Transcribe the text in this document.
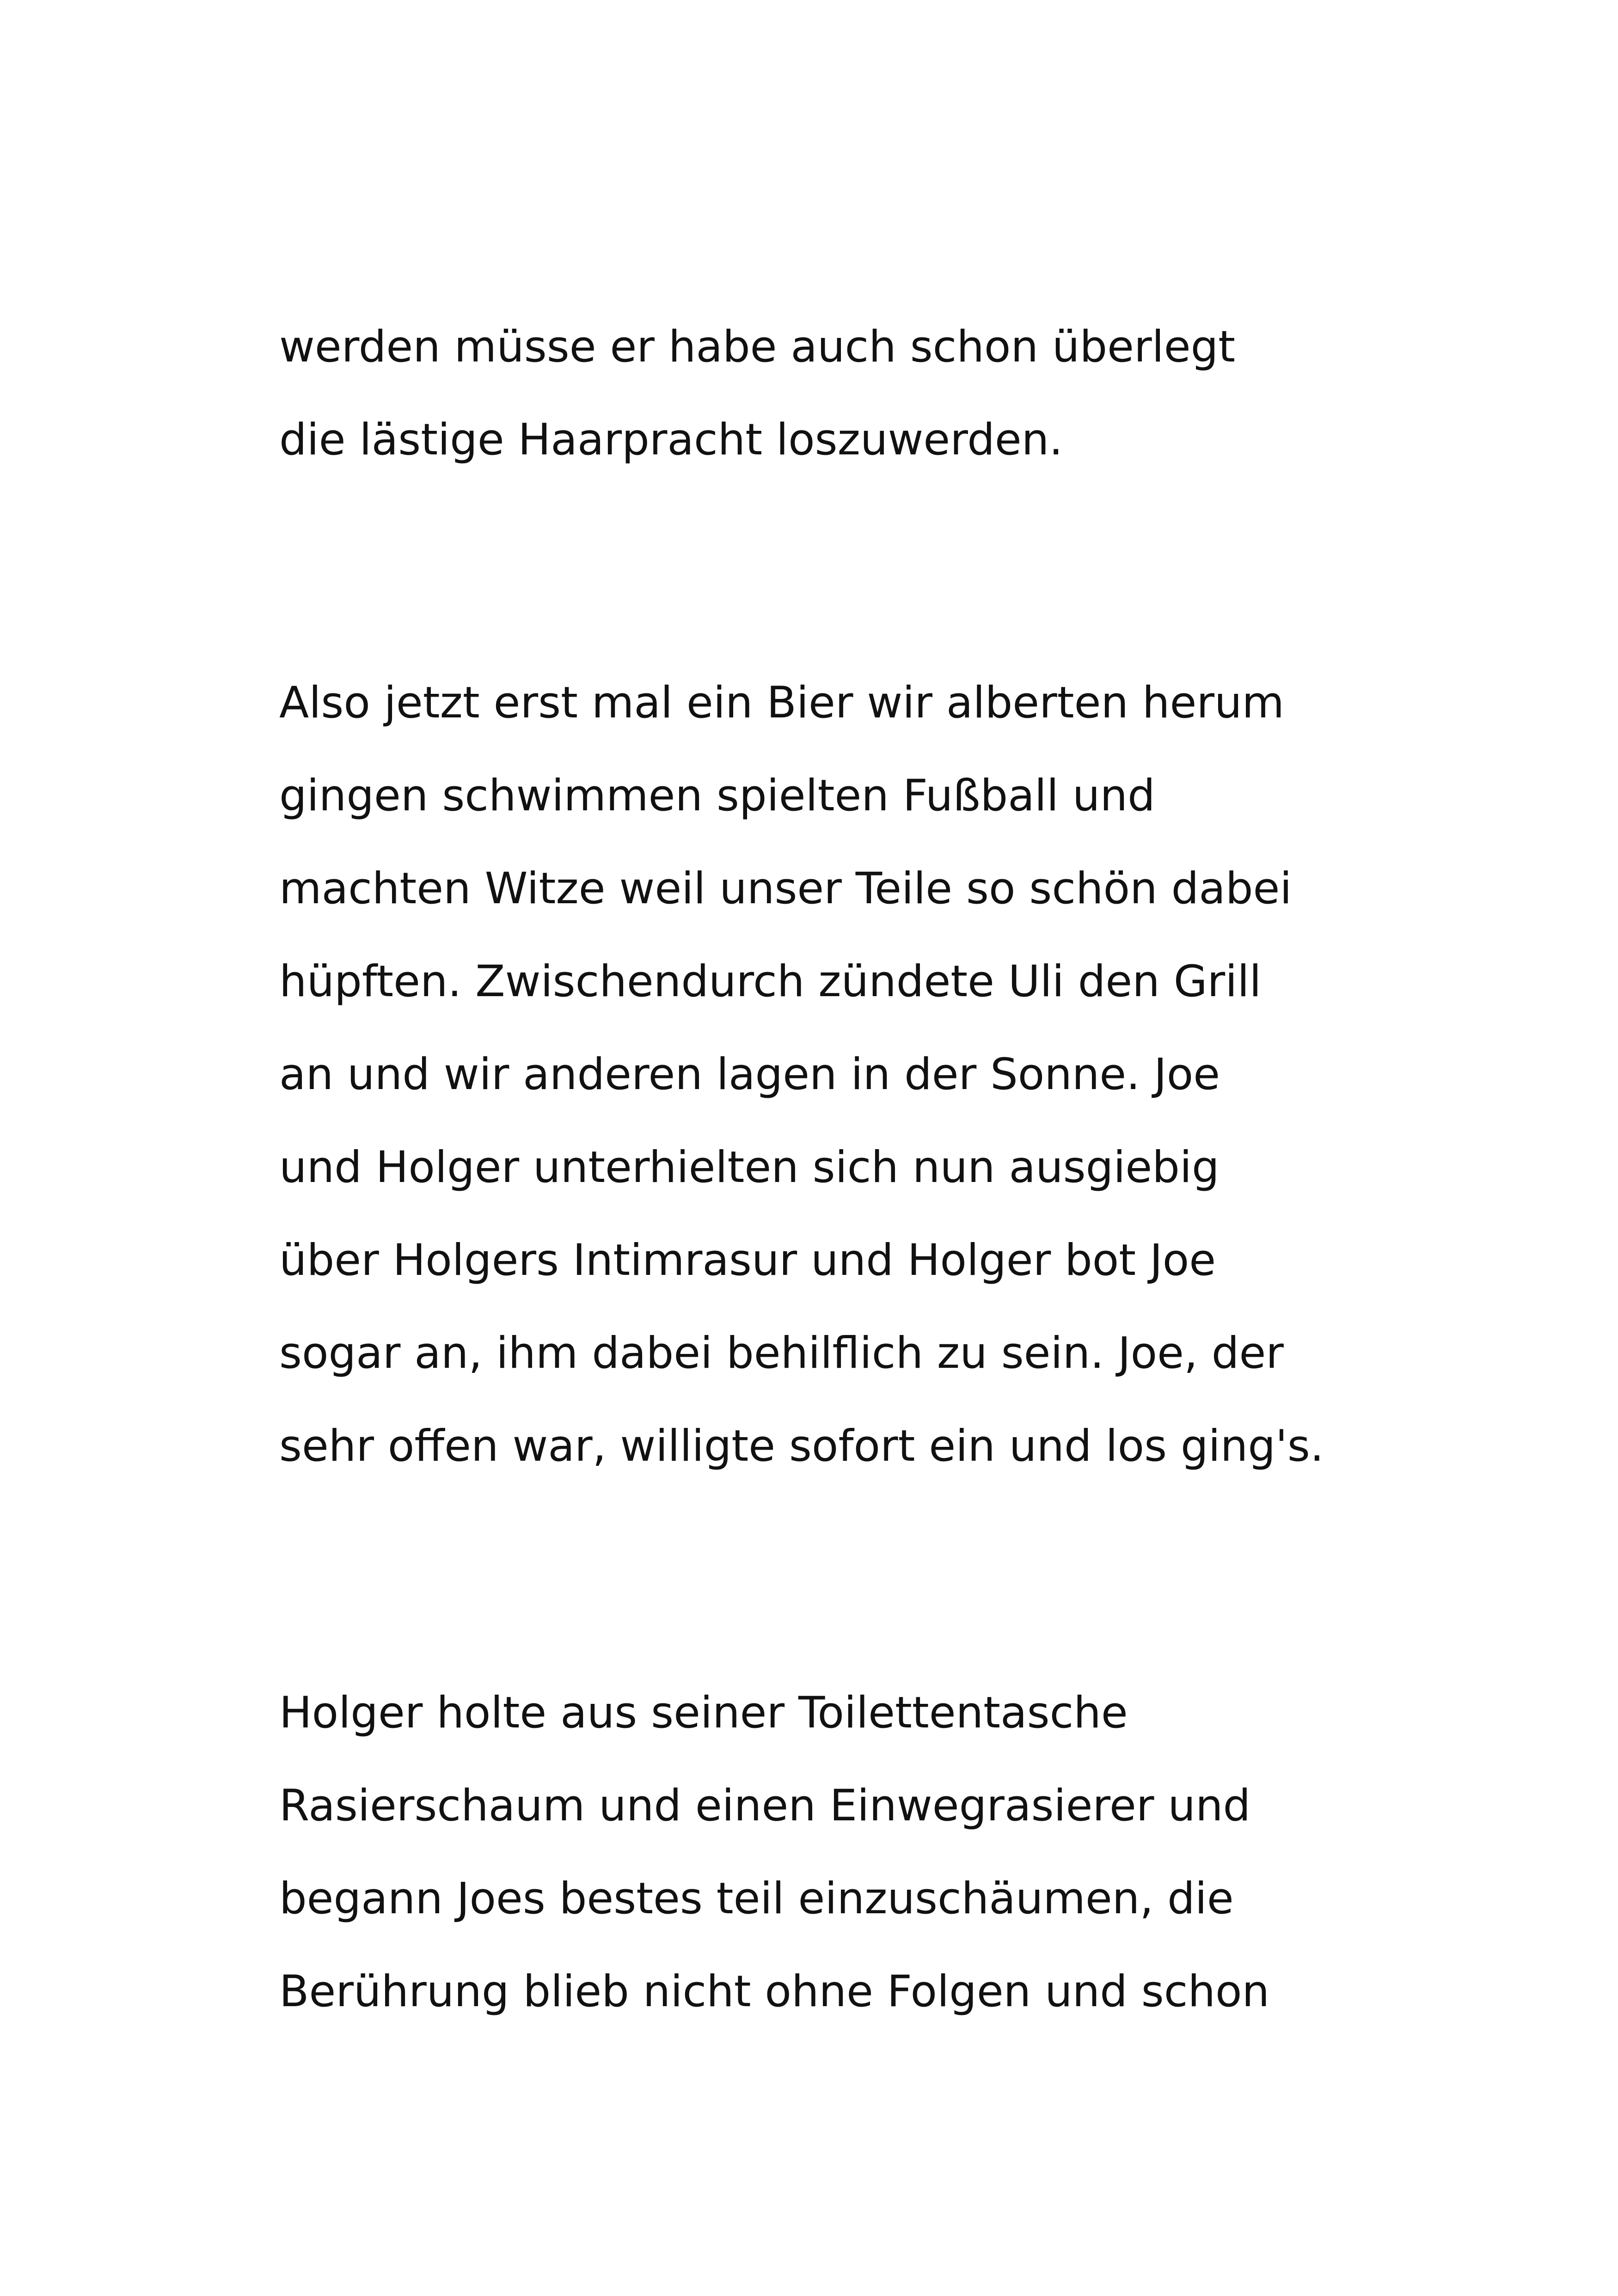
werden müsse er habe auch schon überlegt
die lästige Haarpracht loszuwerden.
Also jetzt erst mal ein Bier wir alberten herum
gingen schwimmen spielten Fußball und
machten Witze weil unser Teile so schön dabei
hüpften. Zwischendurch zündete Uli den Grill
an und wir anderen lagen in der Sonne. Joe
und Holger unterhielten sich nun ausgiebig
über Holgers Intimrasur und Holger bot Joe
sogar an, ihm dabei behilflich zu sein. Joe, der
sehr offen war, willigte sofort ein und los ging's.
Holger holte aus seiner Toilettentasche
Rasierschaum und einen Einwegrasierer und
begann Joes bestes teil einzuschäumen, die
Berührung blieb nicht ohne Folgen und schon
